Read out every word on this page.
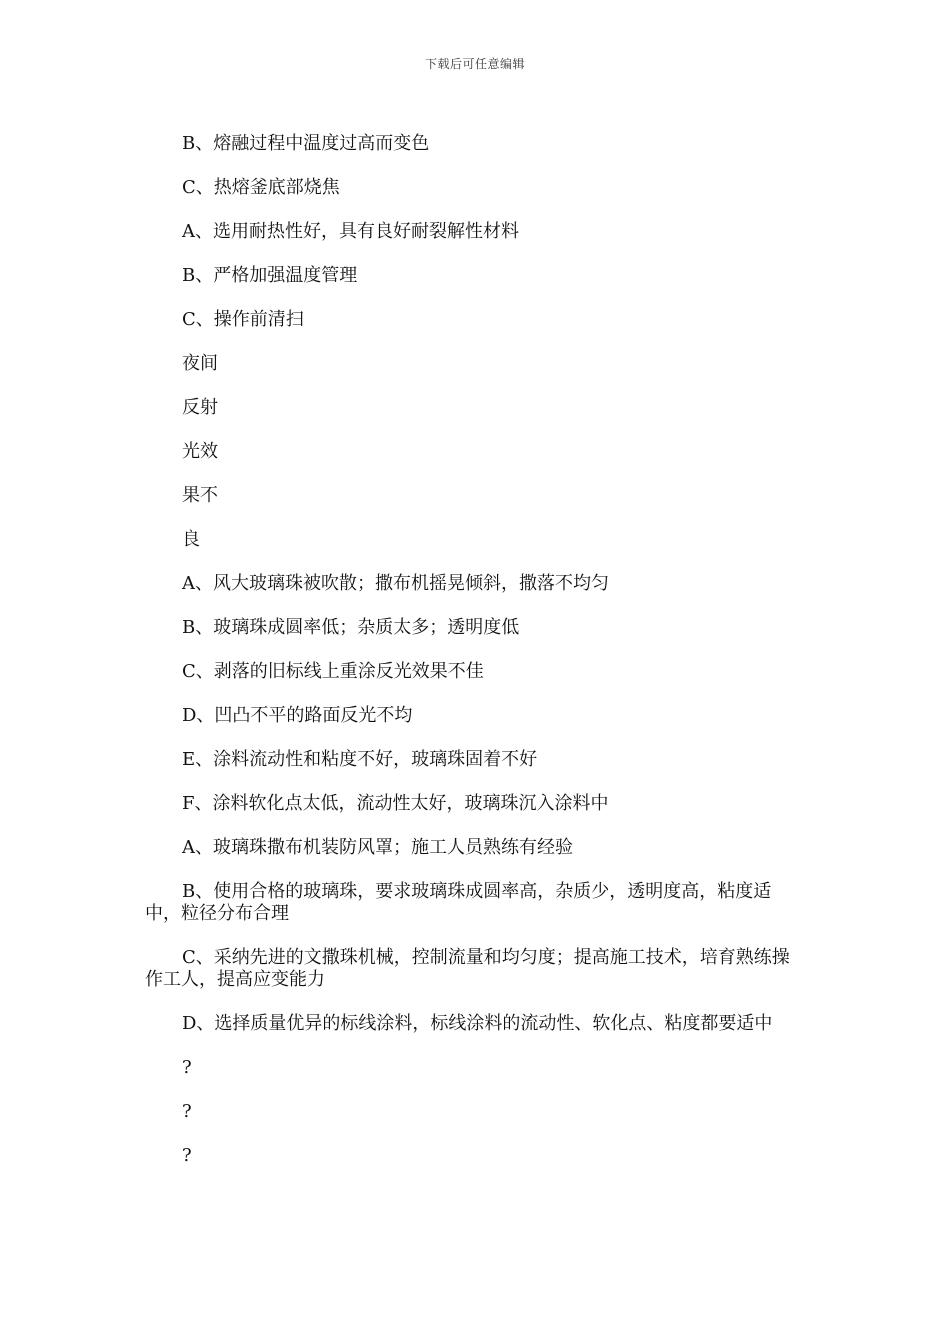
下载后可任意编辑

B、熔融过程中温度过高而变色

C、热熔釜底部烧焦

A、选用耐热性好，具有良好耐裂解性材料

B、严格加强温度管理

C、操作前清扫

夜间

反射

光效

果不

良

A、风大玻璃珠被吹散；撒布机摇晃倾斜，撒落不均匀

B、玻璃珠成圆率低；杂质太多；透明度低

C、剥落的旧标线上重涂反光效果不佳

D、凹凸不平的路面反光不均

E、涂料流动性和粘度不好，玻璃珠固着不好

F、涂料软化点太低，流动性太好，玻璃珠沉入涂料中

A、玻璃珠撒布机装防风罩；施工人员熟练有经验

B、使用合格的玻璃珠，要求玻璃珠成圆率高，杂质少，透明度高，粘度适中，粒径分布合理

C、采纳先进的文撒珠机械，控制流量和均匀度；提高施工技术，培育熟练操作工人，提高应变能力

D、选择质量优异的标线涂料，标线涂料的流动性、软化点、粘度都要适中

?

?

?
